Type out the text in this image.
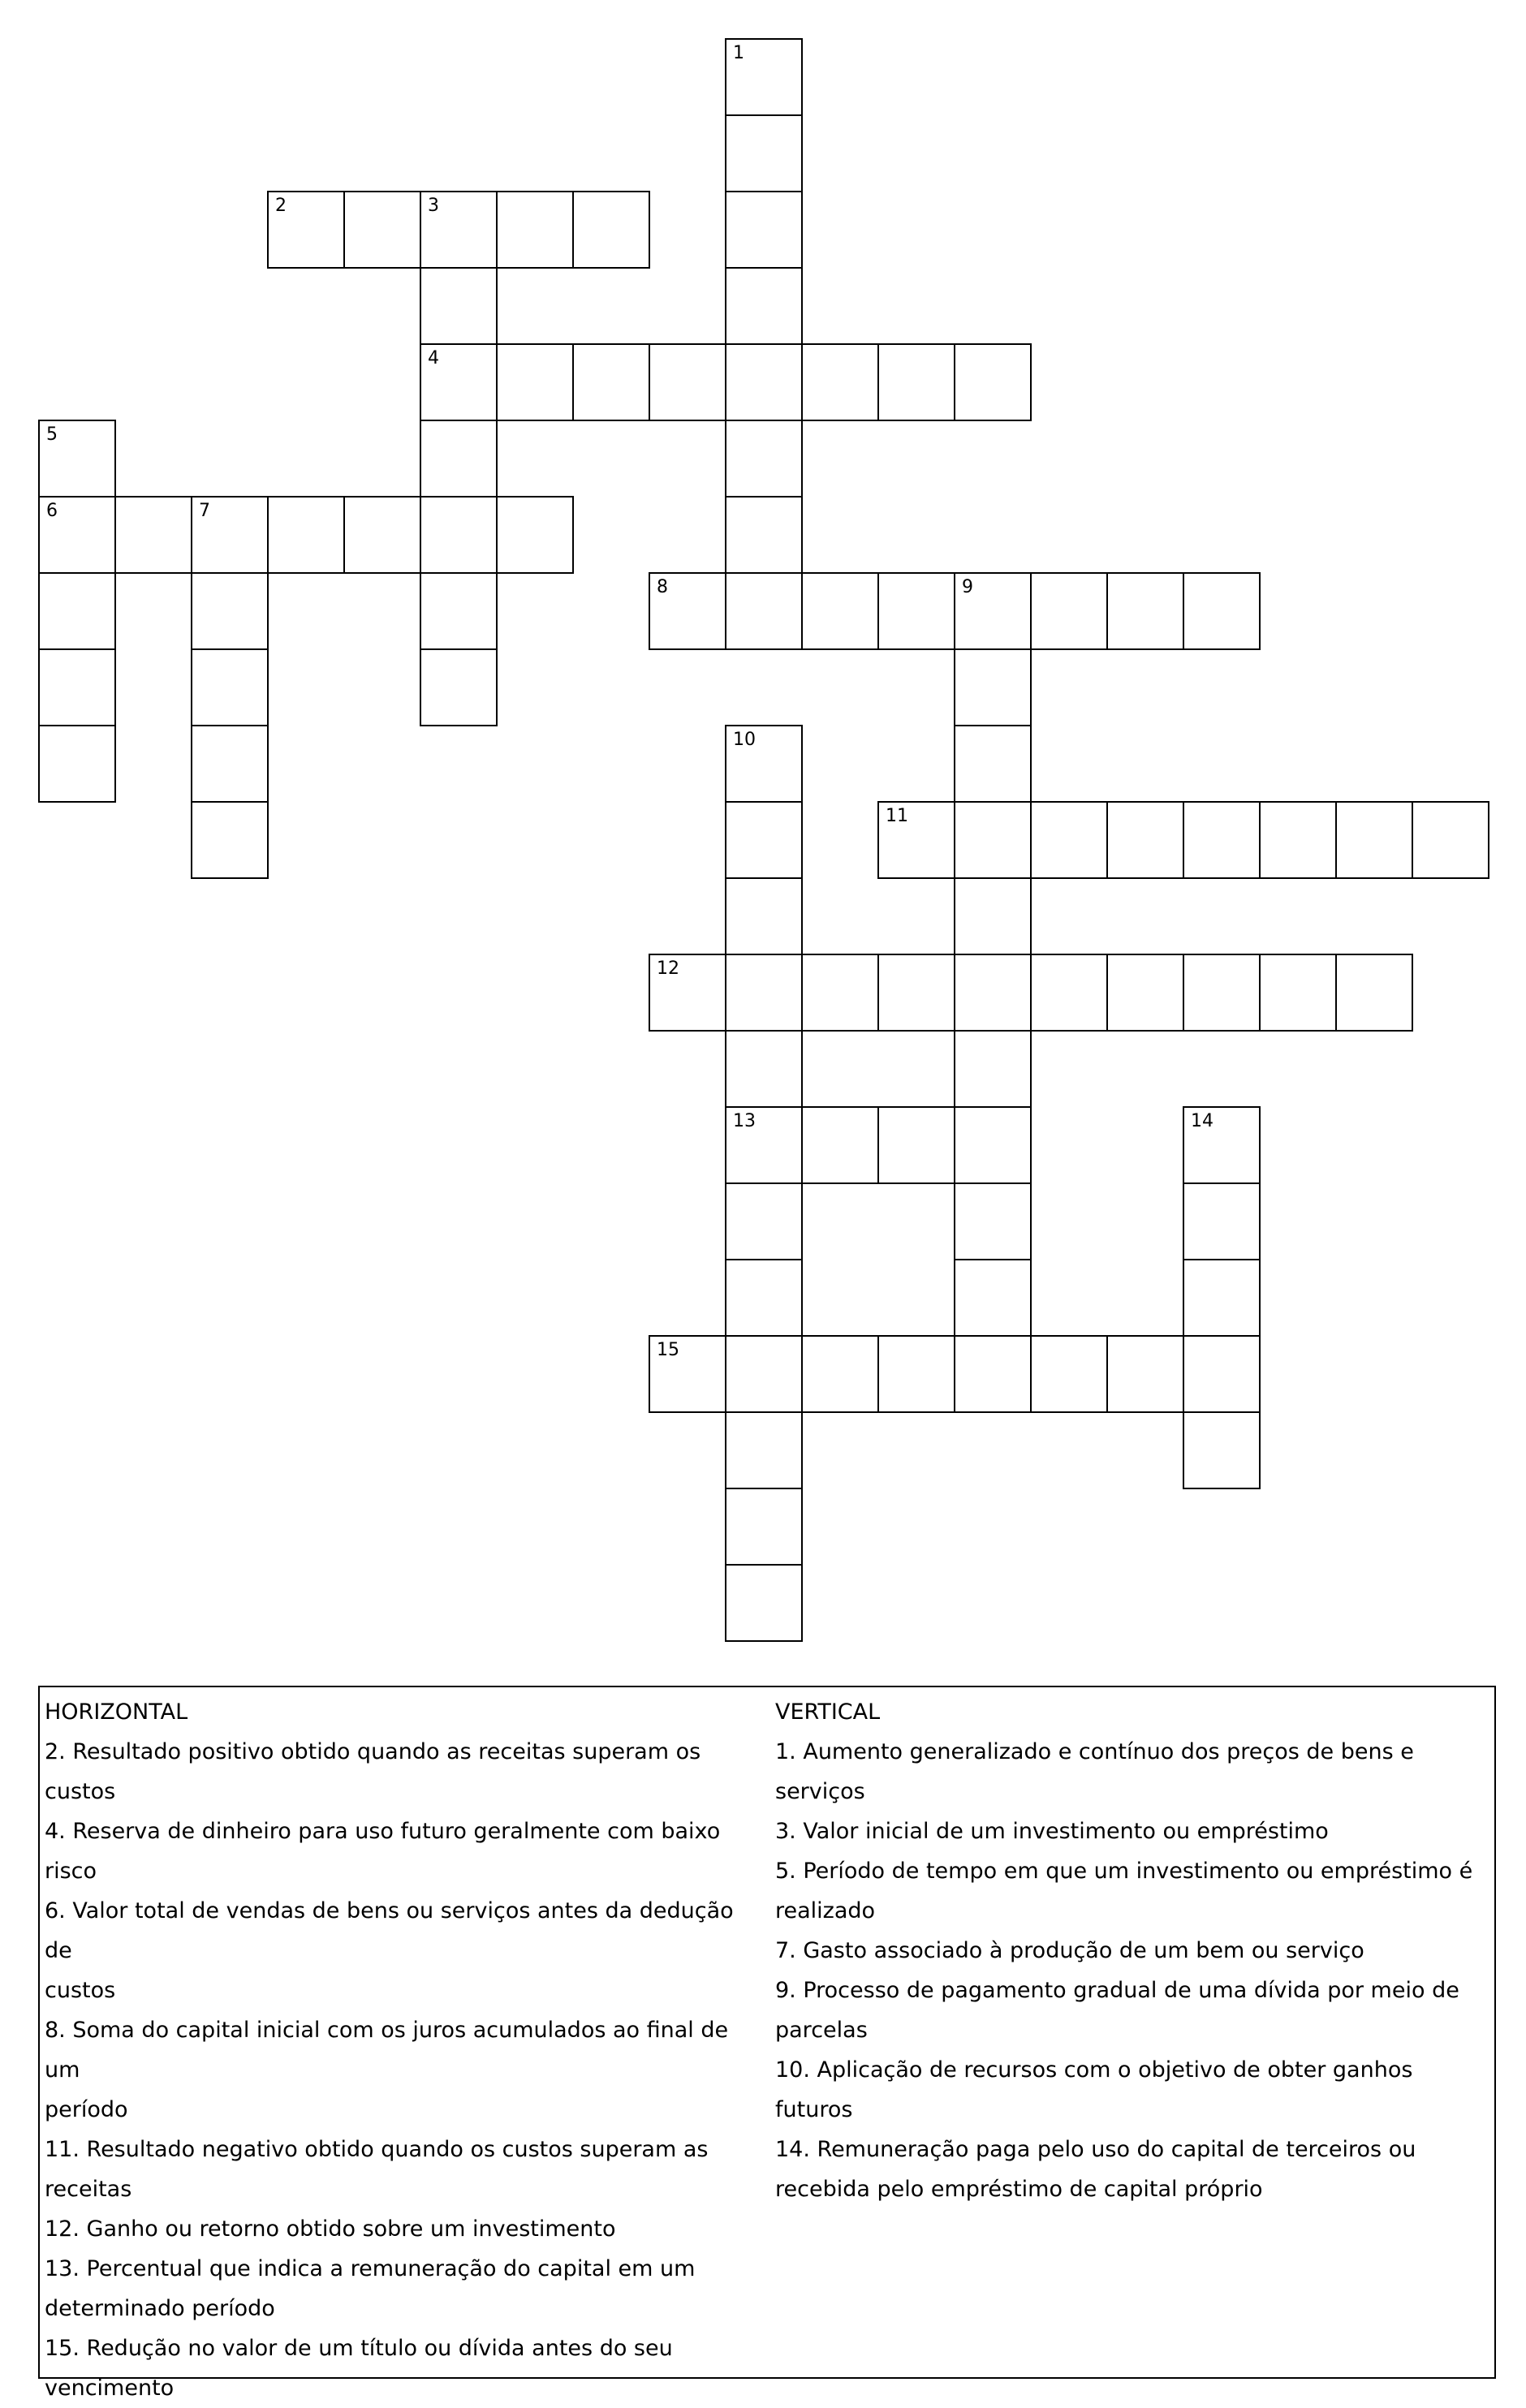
1
2	3
4
5
6	7
8	9
10
13
11
12
14
15

HORIZONTAL

2. Resultado positivo obtido quando as receitas superam os

custos

4. Reserva de dinheiro para uso futuro geralmente com baixo

risco

6. Valor total de vendas de bens ou serviços antes da dedução de

custos

8. Soma do capital inicial com os juros acumulados ao final de um

período

11. Resultado negativo obtido quando os custos superam as

receitas

12. Ganho ou retorno obtido sobre um investimento

13. Percentual que indica a remuneração do capital em um

determinado período

15. Redução no valor de um título ou dívida antes do seu

vencimento

VERTICAL

1. Aumento generalizado e contínuo dos preços de bens e

serviços

3. Valor inicial de um investimento ou empréstimo

5. Período de tempo em que um investimento ou empréstimo é

realizado

7. Gasto associado à produção de um bem ou serviço

9. Processo de pagamento gradual de uma dívida por meio de

parcelas

10. Aplicação de recursos com o objetivo de obter ganhos futuros

14. Remuneração paga pelo uso do capital de terceiros ou

recebida pelo empréstimo de capital próprio
